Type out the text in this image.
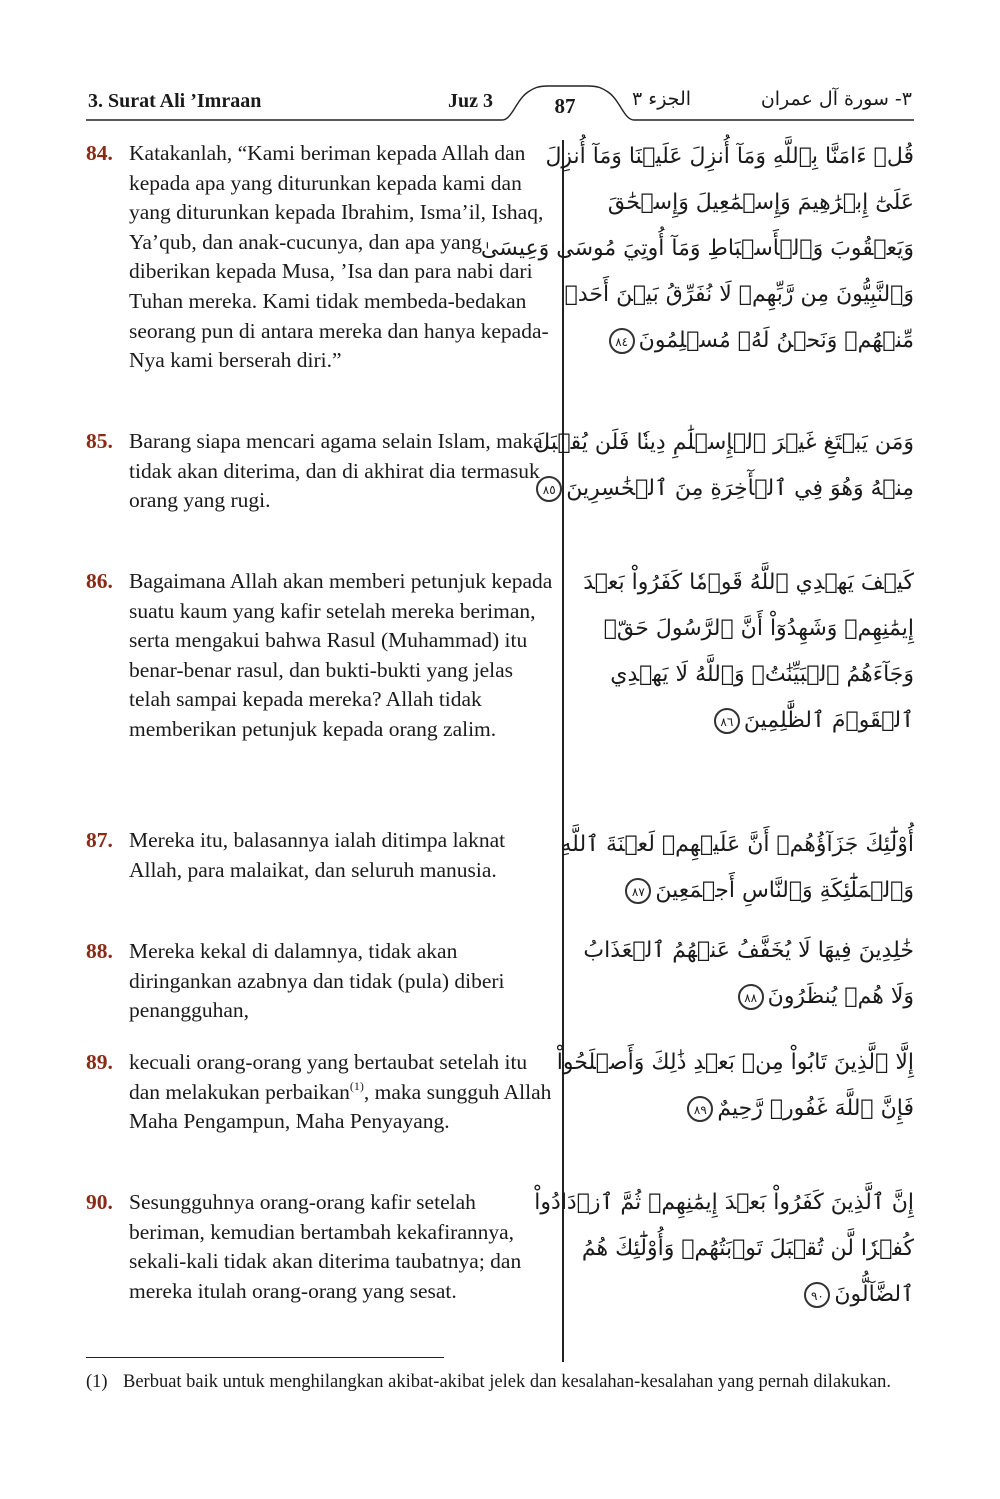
3. Surat Ali ’Imraan	Juz 3	87	الجزء ٣	٣- سورة آل عمران
84. Katakanlah, “Kami beriman kepada Allah dan kepada apa yang diturunkan kepada kami dan yang diturunkan kepada Ibrahim, Isma’il, Ishaq, Ya’qub, dan anak-cucunya, dan apa yang diberikan kepada Musa, ’Isa dan para nabi dari Tuhan mereka. Kami tidak membeda-bedakan seorang pun di antara mereka dan hanya kepada-Nya kami berserah diri.”
قُلۡ ءَامَنَّا بِٱللَّهِ وَمَآ أُنزِلَ عَلَيۡنَا وَمَآ أُنزِلَ
عَلَىٰٓ إِبۡرَٰهِيمَ وَإِسۡمَٰعِيلَ وَإِسۡحَٰقَ
وَيَعۡقُوبَ وَٱلۡأَسۡبَاطِ وَمَآ أُوتِيَ مُوسَىٰ وَعِيسَىٰ
وَٱلنَّبِيُّونَ مِن رَّبِّهِمۡ لَا نُفَرِّقُ بَيۡنَ أَحَدٖ
مِّنۡهُمۡ وَنَحۡنُ لَهُۥ مُسۡلِمُونَ٨٤
85. Barang siapa mencari agama selain Islam, maka tidak akan diterima, dan di akhirat dia termasuk orang yang rugi.
وَمَن يَبۡتَغِ غَيۡرَ ٱلۡإِسۡلَٰمِ دِينٗا فَلَن يُقۡبَلَ
مِنۡهُ وَهُوَ فِي ٱلۡأٓخِرَةِ مِنَ ٱلۡخَٰسِرِينَ٨٥
86. Bagaimana Allah akan memberi petunjuk kepada suatu kaum yang kafir setelah mereka beriman, serta mengakui bahwa Rasul (Muhammad) itu benar-benar rasul, dan bukti-bukti yang jelas telah sampai kepada mereka? Allah tidak memberikan petunjuk kepada orang zalim.
كَيۡفَ يَهۡدِي ٱللَّهُ قَوۡمٗا كَفَرُواْ بَعۡدَ
إِيمَٰنِهِمۡ وَشَهِدُوٓاْ أَنَّ ٱلرَّسُولَ حَقّٞ
وَجَآءَهُمُ ٱلۡبَيِّنَٰتُۚ وَٱللَّهُ لَا يَهۡدِي
ٱلۡقَوۡمَ ٱلظَّٰلِمِينَ٨٦
87. Mereka itu, balasannya ialah ditimpa laknat Allah, para malaikat, dan seluruh manusia.
أُوْلَٰٓئِكَ جَزَآؤُهُمۡ أَنَّ عَلَيۡهِمۡ لَعۡنَةَ ٱللَّهِ
وَٱلۡمَلَٰٓئِكَةِ وَٱلنَّاسِ أَجۡمَعِينَ٨٧
88. Mereka kekal di dalamnya, tidak akan diringankan azabnya dan tidak (pula) diberi penangguhan,
خَٰلِدِينَ فِيهَا لَا يُخَفَّفُ عَنۡهُمُ ٱلۡعَذَابُ
وَلَا هُمۡ يُنظَرُونَ٨٨
89. kecuali orang-orang yang bertaubat setelah itu dan melakukan perbaikan$^{(1)}$, maka sungguh Allah Maha Pengampun, Maha Penyayang.
إِلَّا ٱلَّذِينَ تَابُواْ مِنۢ بَعۡدِ ذَٰلِكَ وَأَصۡلَحُواْ
فَإِنَّ ٱللَّهَ غَفُورٞ رَّحِيمٌ٨٩
90. Sesungguhnya orang-orang kafir setelah beriman, kemudian bertambah kekafirannya, sekali-kali tidak akan diterima taubatnya; dan mereka itulah orang-orang yang sesat.
إِنَّ ٱلَّذِينَ كَفَرُواْ بَعۡدَ إِيمَٰنِهِمۡ ثُمَّ ٱزۡدَادُواْ
كُفۡرٗا لَّن تُقۡبَلَ تَوۡبَتُهُمۡ وَأُوْلَٰٓئِكَ هُمُ
ٱلضَّآلُّونَ٩٠
(1) Berbuat baik untuk menghilangkan akibat-akibat jelek dan kesalahan-kesalahan yang pernah dilakukan.
